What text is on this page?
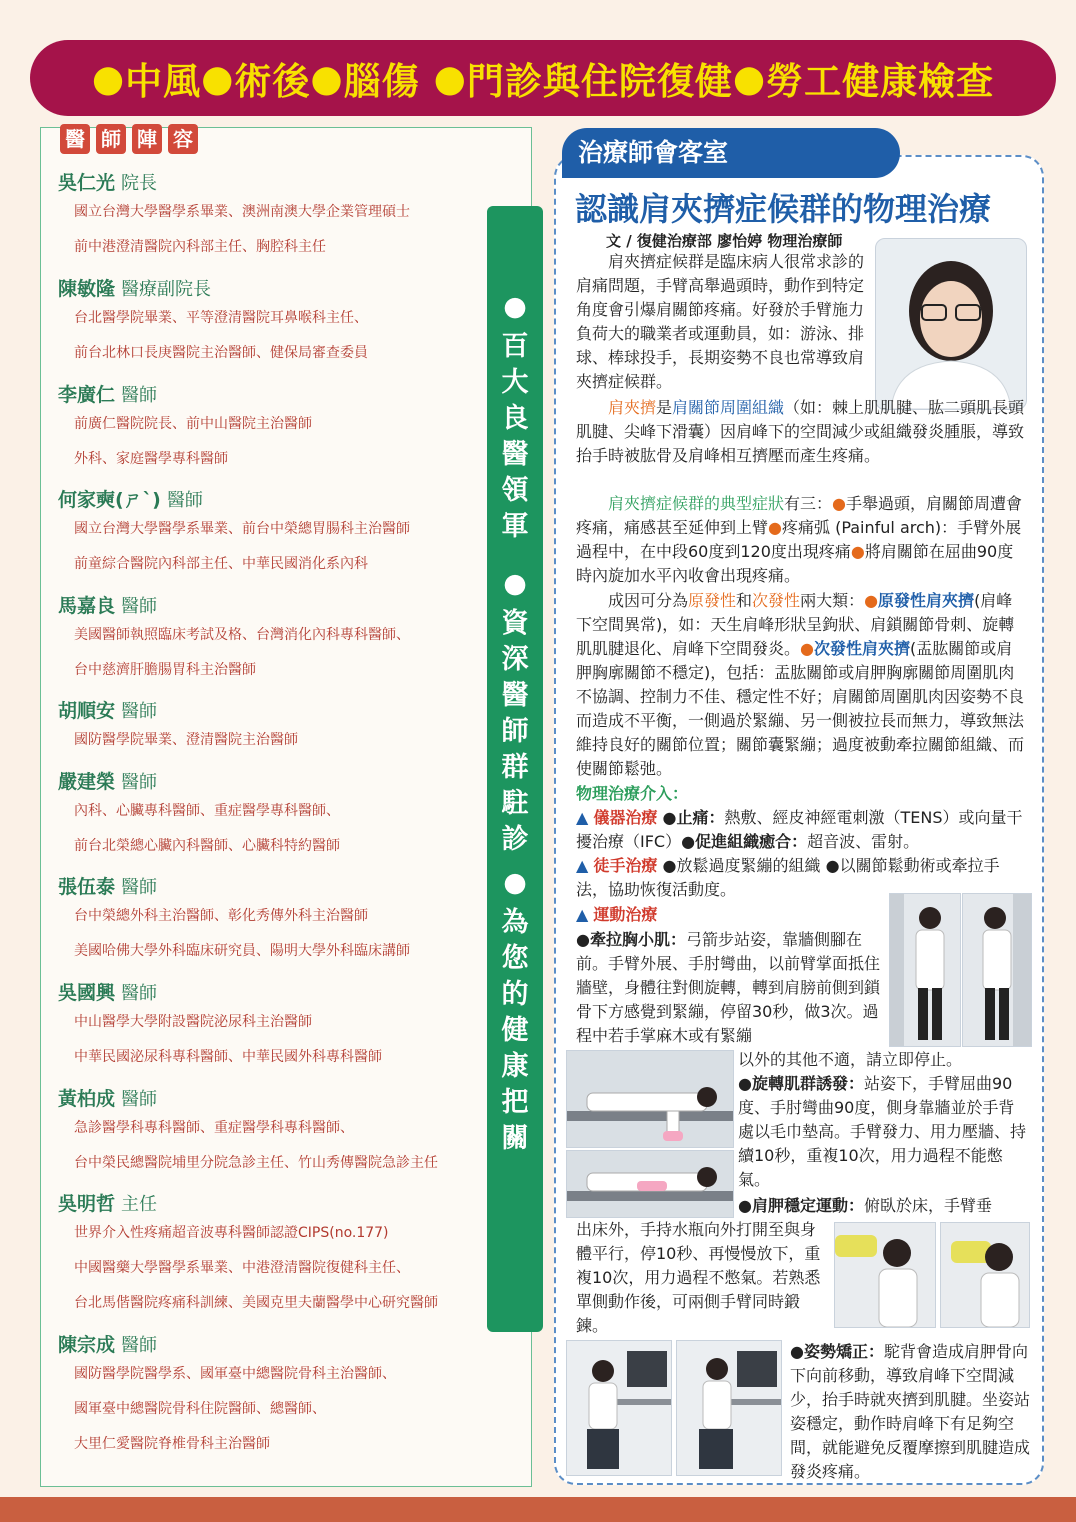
● 中風 ● 術後 ● 腦傷 ● 門診與住院復健 ● 勞工健康檢查
醫 師 陣 容
吳仁光 院長
國立台灣大學醫學系畢業、澳洲南澳大學企業管理碩士
前中港澄清醫院內科部主任、胸腔科主任
陳敏隆 醫療副院長
台北醫學院畢業、平等澄清醫院耳鼻喉科主任、
前台北林口長庚醫院主治醫師、健保局審查委員
李廣仁 醫師
前廣仁醫院院長、前中山醫院主治醫師
外科、家庭醫學專科醫師
何家奭(ㄕˋ) 醫師
國立台灣大學醫學系畢業、前台中榮總胃腸科主治醫師
前童綜合醫院內科部主任、中華民國消化系內科
馬嘉良 醫師
美國醫師執照臨床考試及格、台灣消化內科專科醫師、
台中慈濟肝膽腸胃科主治醫師
胡順安 醫師
國防醫學院畢業、澄清醫院主治醫師
嚴建榮 醫師
內科、心臟專科醫師、重症醫學專科醫師、
前台北榮總心臟內科醫師、心臟科特約醫師
張伍泰 醫師
台中榮總外科主治醫師、彰化秀傳外科主治醫師
美國哈佛大學外科臨床研究員、陽明大學外科臨床講師
吳國興 醫師
中山醫學大學附設醫院泌尿科主治醫師
中華民國泌尿科專科醫師、中華民國外科專科醫師
黃柏成 醫師
急診醫學科專科醫師、重症醫學科專科醫師、
台中榮民總醫院埔里分院急診主任、竹山秀傳醫院急診主任
吳明哲 主任
世界介入性疼痛超音波專科醫師認證CIPS(no.177)
中國醫藥大學醫學系畢業、中港澄清醫院復健科主任、
台北馬偕醫院疼痛科訓練、美國克里夫蘭醫學中心研究醫師
陳宗成 醫師
國防醫學院醫學系、國軍臺中總醫院骨科主治醫師、
國軍臺中總醫院骨科住院醫師、總醫師、
大里仁愛醫院脊椎骨科主治醫師
●
百
大
良
醫
領
軍
●
資
深
醫
師
群
駐
診
●
為
您
的
健
康
把
關
治療師會客室
認識肩夾擠症候群的物理治療
文 / 復健治療部 廖怡婷 物理治療師
肩夾擠症候群是臨床病人很常求診的肩痛問題，手臂高舉過頭時，動作到特定角度會引爆肩關節疼痛。好發於手臂施力負荷大的職業者或運動員，如：游泳、排球、棒球投手，長期姿勢不良也常導致肩夾擠症候群。
肩夾擠是肩關節周圍組織（如：棘上肌肌腱、肱二頭肌長頭肌腱、尖峰下滑囊）因肩峰下的空間減少或組織發炎腫脹，導致抬手時被肱骨及肩峰相互擠壓而產生疼痛。
肩夾擠症候群的典型症狀有三：●手舉過頭，肩關節周遭會疼痛，痛感甚至延伸到上臂●疼痛弧 (Painful arch)：手臂外展過程中，在中段60度到120度出現疼痛●將肩關節在屈曲90度時內旋加水平內收會出現疼痛。
成因可分為原發性和次發性兩大類：●原發性肩夾擠(肩峰下空間異常)，如：天生肩峰形狀呈鉤狀、肩鎖關節骨刺、旋轉肌肌腱退化、肩峰下空間發炎。●次發性肩夾擠(盂肱關節或肩胛胸廓關節不穩定)，包括：盂肱關節或肩胛胸廓關節周圍肌肉不協調、控制力不佳、穩定性不好；肩關節周圍肌肉因姿勢不良而造成不平衡，一側過於緊繃、另一側被拉長而無力，導致無法維持良好的關節位置；關節囊緊繃；過度被動牽拉關節組織、而使關節鬆弛。
物理治療介入：
▲ 儀器治療 ●止痛：熱敷、經皮神經電刺激（TENS）或向量干擾治療（IFC）●促進組織癒合：超音波、雷射。
▲ 徒手治療 ●放鬆過度緊繃的組織 ●以關節鬆動術或牽拉手法，協助恢復活動度。
▲ 運動治療
●牽拉胸小肌：弓箭步站姿，靠牆側腳在前。手臂外展、手肘彎曲，以前臂掌面抵住牆壁，身體往對側旋轉，轉到肩膀前側到鎖骨下方感覺到緊繃，停留30秒，做3次。過程中若手掌麻木或有緊繃
以外的其他不適，請立即停止。
●旋轉肌群誘發：站姿下，手臂屈曲90度、手肘彎曲90度，側身靠牆並於手背處以毛巾墊高。手臂發力、用力壓牆、持續10秒，重複10次，用力過程不能憋氣。
●肩胛穩定運動：俯臥於床，手臂垂
出床外，手持水瓶向外打開至與身體平行，停10秒、再慢慢放下，重複10次，用力過程不憋氣。若熟悉單側動作後，可兩側手臂同時鍛鍊。
●姿勢矯正：駝背會造成肩胛骨向下向前移動，導致肩峰下空間減少，抬手時就夾擠到肌腱。坐姿站姿穩定，動作時肩峰下有足夠空間，就能避免反覆摩擦到肌腱造成發炎疼痛。
